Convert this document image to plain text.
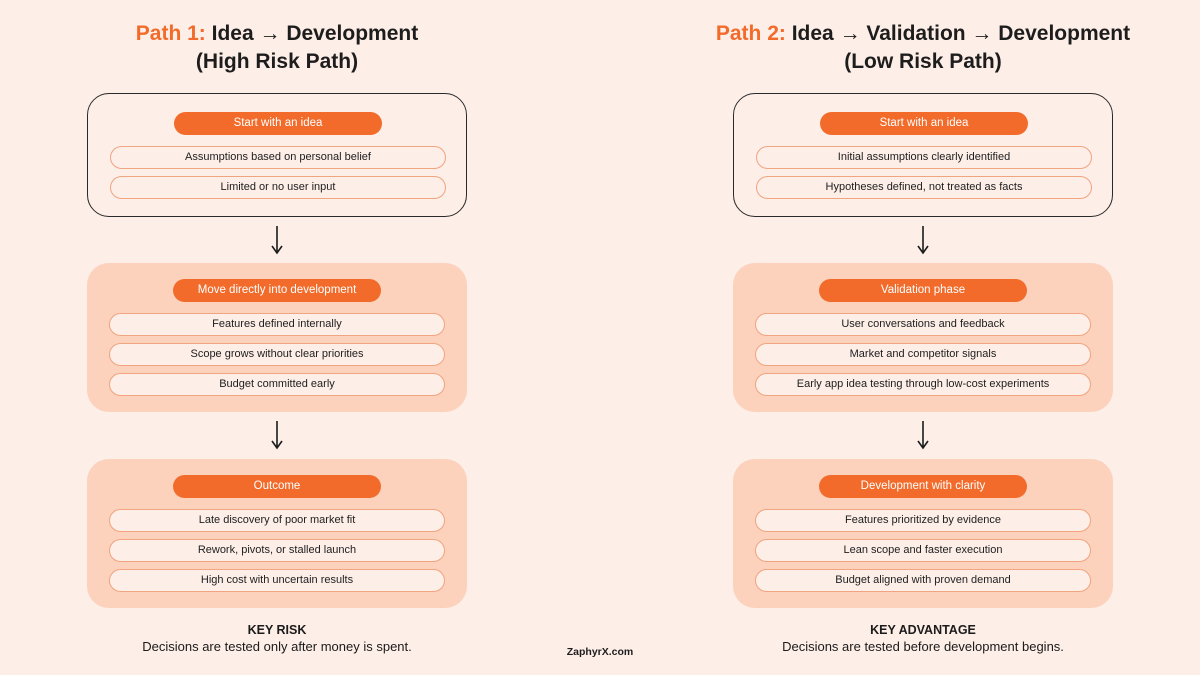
Path 1: Idea → Development
(High Risk Path)
Start with an idea
Assumptions based on personal belief
Limited or no user input
Move directly into development
Features defined internally
Scope grows without clear priorities
Budget committed early
Outcome
Late discovery of poor market fit
Rework, pivots, or stalled launch
High cost with uncertain results
KEY RISK
Decisions are tested only after money is spent.
Path 2: Idea → Validation → Development
(Low Risk Path)
Start with an idea
Initial assumptions clearly identified
Hypotheses defined, not treated as facts
Validation phase
User conversations and feedback
Market and competitor signals
Early app idea testing through low-cost experiments
Development with clarity
Features prioritized by evidence
Lean scope and faster execution
Budget aligned with proven demand
KEY ADVANTAGE
Decisions are tested before development begins.
ZaphyrX.com
